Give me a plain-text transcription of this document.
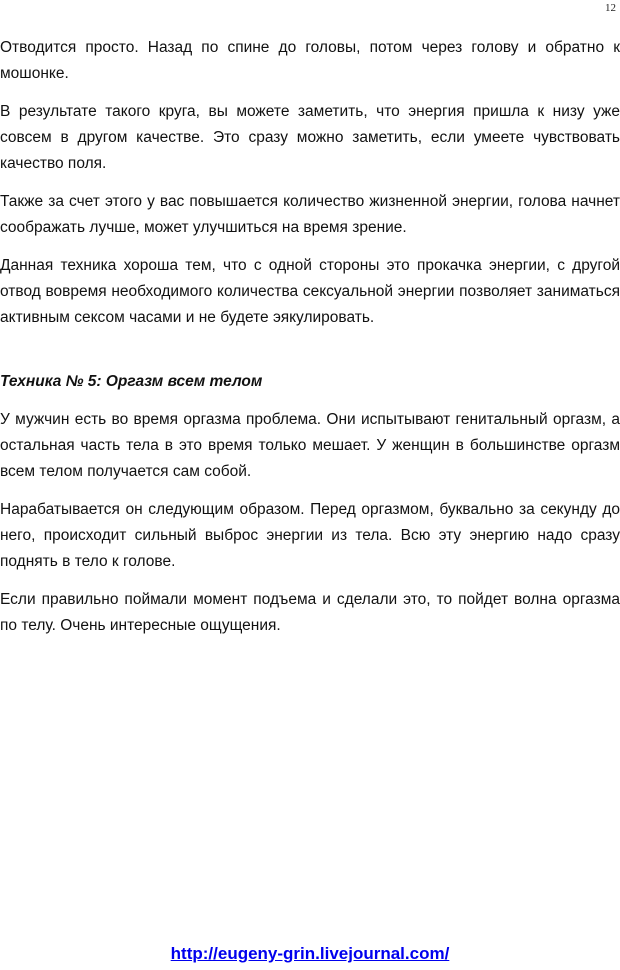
12

Отводится просто. Назад по спине до головы, потом через голову и обратно к мошонке.

В результате такого круга, вы можете заметить, что энергия пришла к низу уже совсем в другом качестве. Это сразу можно заметить, если умеете чувствовать качество поля.

Также за счет этого у вас повышается количество жизненной энергии, голова начнет соображать лучше, может улучшиться на время зрение.

Данная техника хороша тем, что с одной стороны это прокачка энергии, с другой отвод вовремя необходимого количества сексуальной энергии позволяет заниматься активным сексом часами и не будете эякулировать.

Техника № 5: Оргазм всем телом

У мужчин есть во время оргазма проблема. Они испытывают генитальный оргазм, а остальная часть тела в это время только мешает. У женщин в большинстве оргазм всем телом получается сам собой.

Нарабатывается он следующим образом. Перед оргазмом, буквально за секунду до него, происходит сильный выброс энергии из тела. Всю эту энергию надо сразу поднять в тело к голове.

Если правильно поймали момент подъема и сделали это, то пойдет волна оргазма по телу. Очень интересные ощущения.

http://eugeny-grin.livejournal.com/
